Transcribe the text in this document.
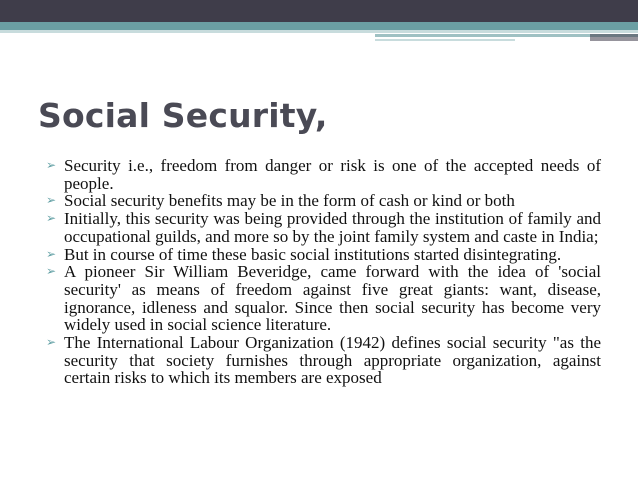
Social Security,
➢ Security i.e., freedom from danger or risk is one of the accepted needs of people.
➢ Social security benefits may be in the form of cash or kind or both
➢ Initially, this security was being provided through the institution of family and occupational guilds, and more so by the joint family system and caste in India;
➢ But in course of time these basic social institutions started disintegrating.
➢ A pioneer Sir William Beveridge, came forward with the idea of 'social security' as means of freedom against five great giants: want, disease, ignorance, idleness and squalor. Since then social security has become very widely used in social science literature.
➢ The International Labour Organization (1942) defines social security "as the security that society furnishes through appropriate organization, against certain risks to which its members are exposed
